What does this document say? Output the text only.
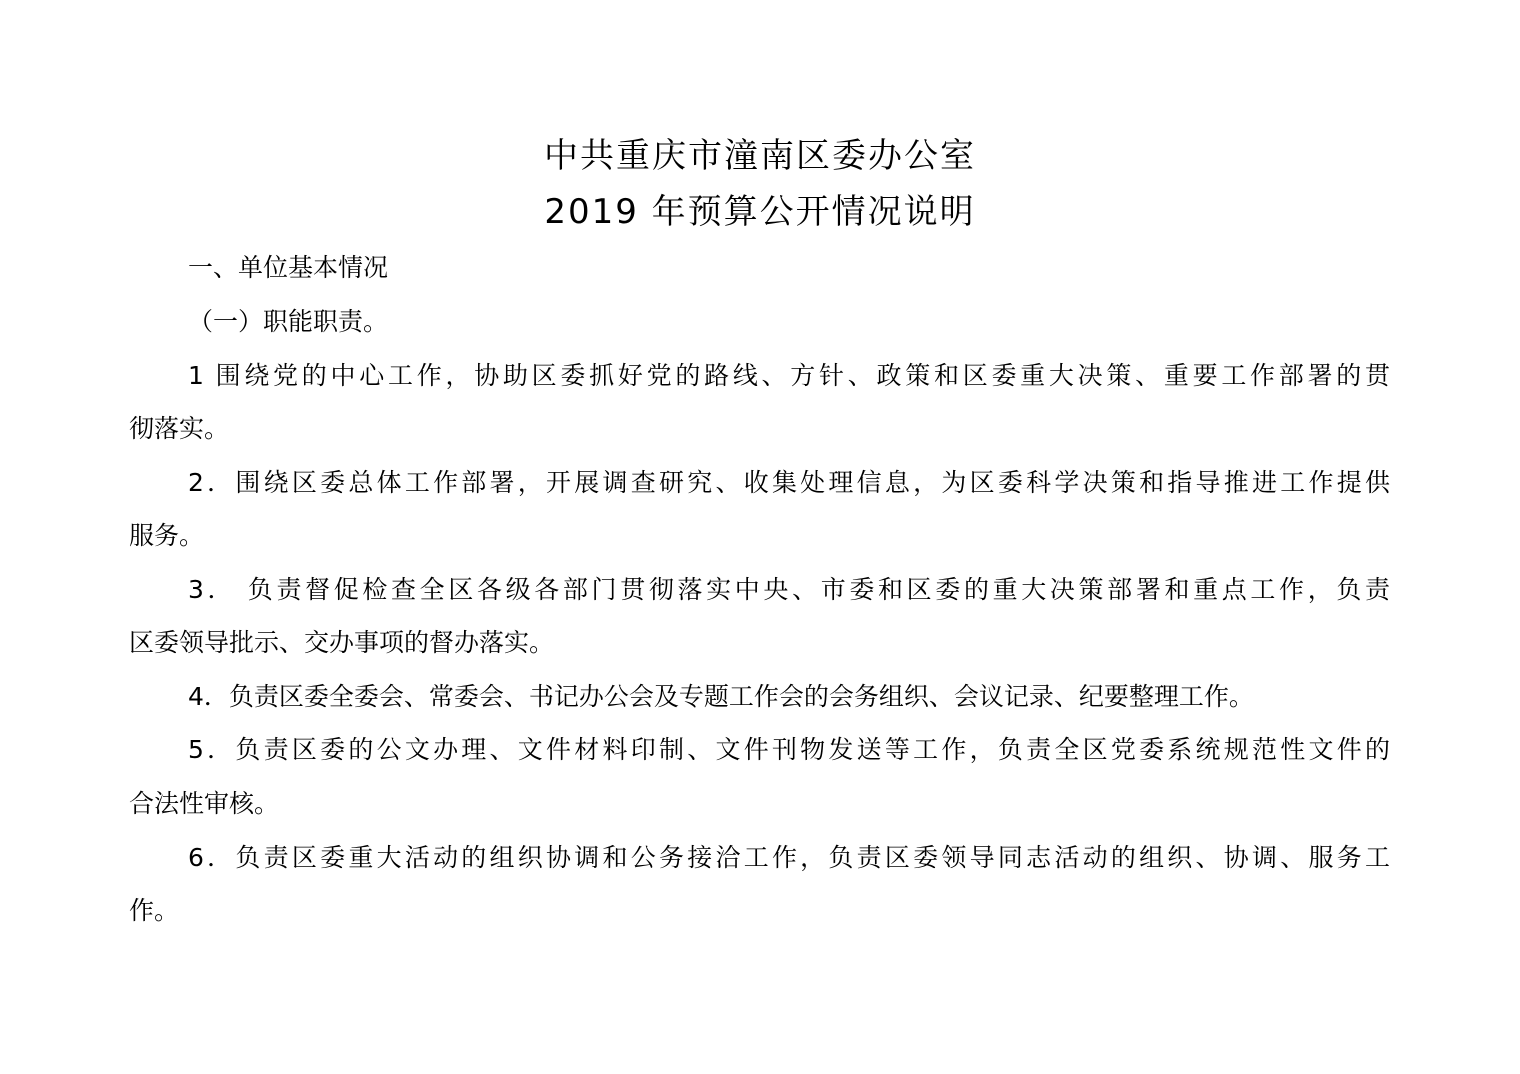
中共重庆市潼南区委办公室
2019 年预算公开情况说明
一、单位基本情况
（一）职能职责。
1 围绕党的中心工作，协助区委抓好党的路线、方针、政策和区委重大决策、重要工作部署的贯
彻落实。
2．围绕区委总体工作部署，开展调查研究、收集处理信息，为区委科学决策和指导推进工作提供
服务。
3． 负责督促检查全区各级各部门贯彻落实中央、市委和区委的重大决策部署和重点工作，负责
区委领导批示、交办事项的督办落实。
4．负责区委全委会、常委会、书记办公会及专题工作会的会务组织、会议记录、纪要整理工作。
5．负责区委的公文办理、文件材料印制、文件刊物发送等工作，负责全区党委系统规范性文件的
合法性审核。
6．负责区委重大活动的组织协调和公务接洽工作，负责区委领导同志活动的组织、协调、服务工
作。
